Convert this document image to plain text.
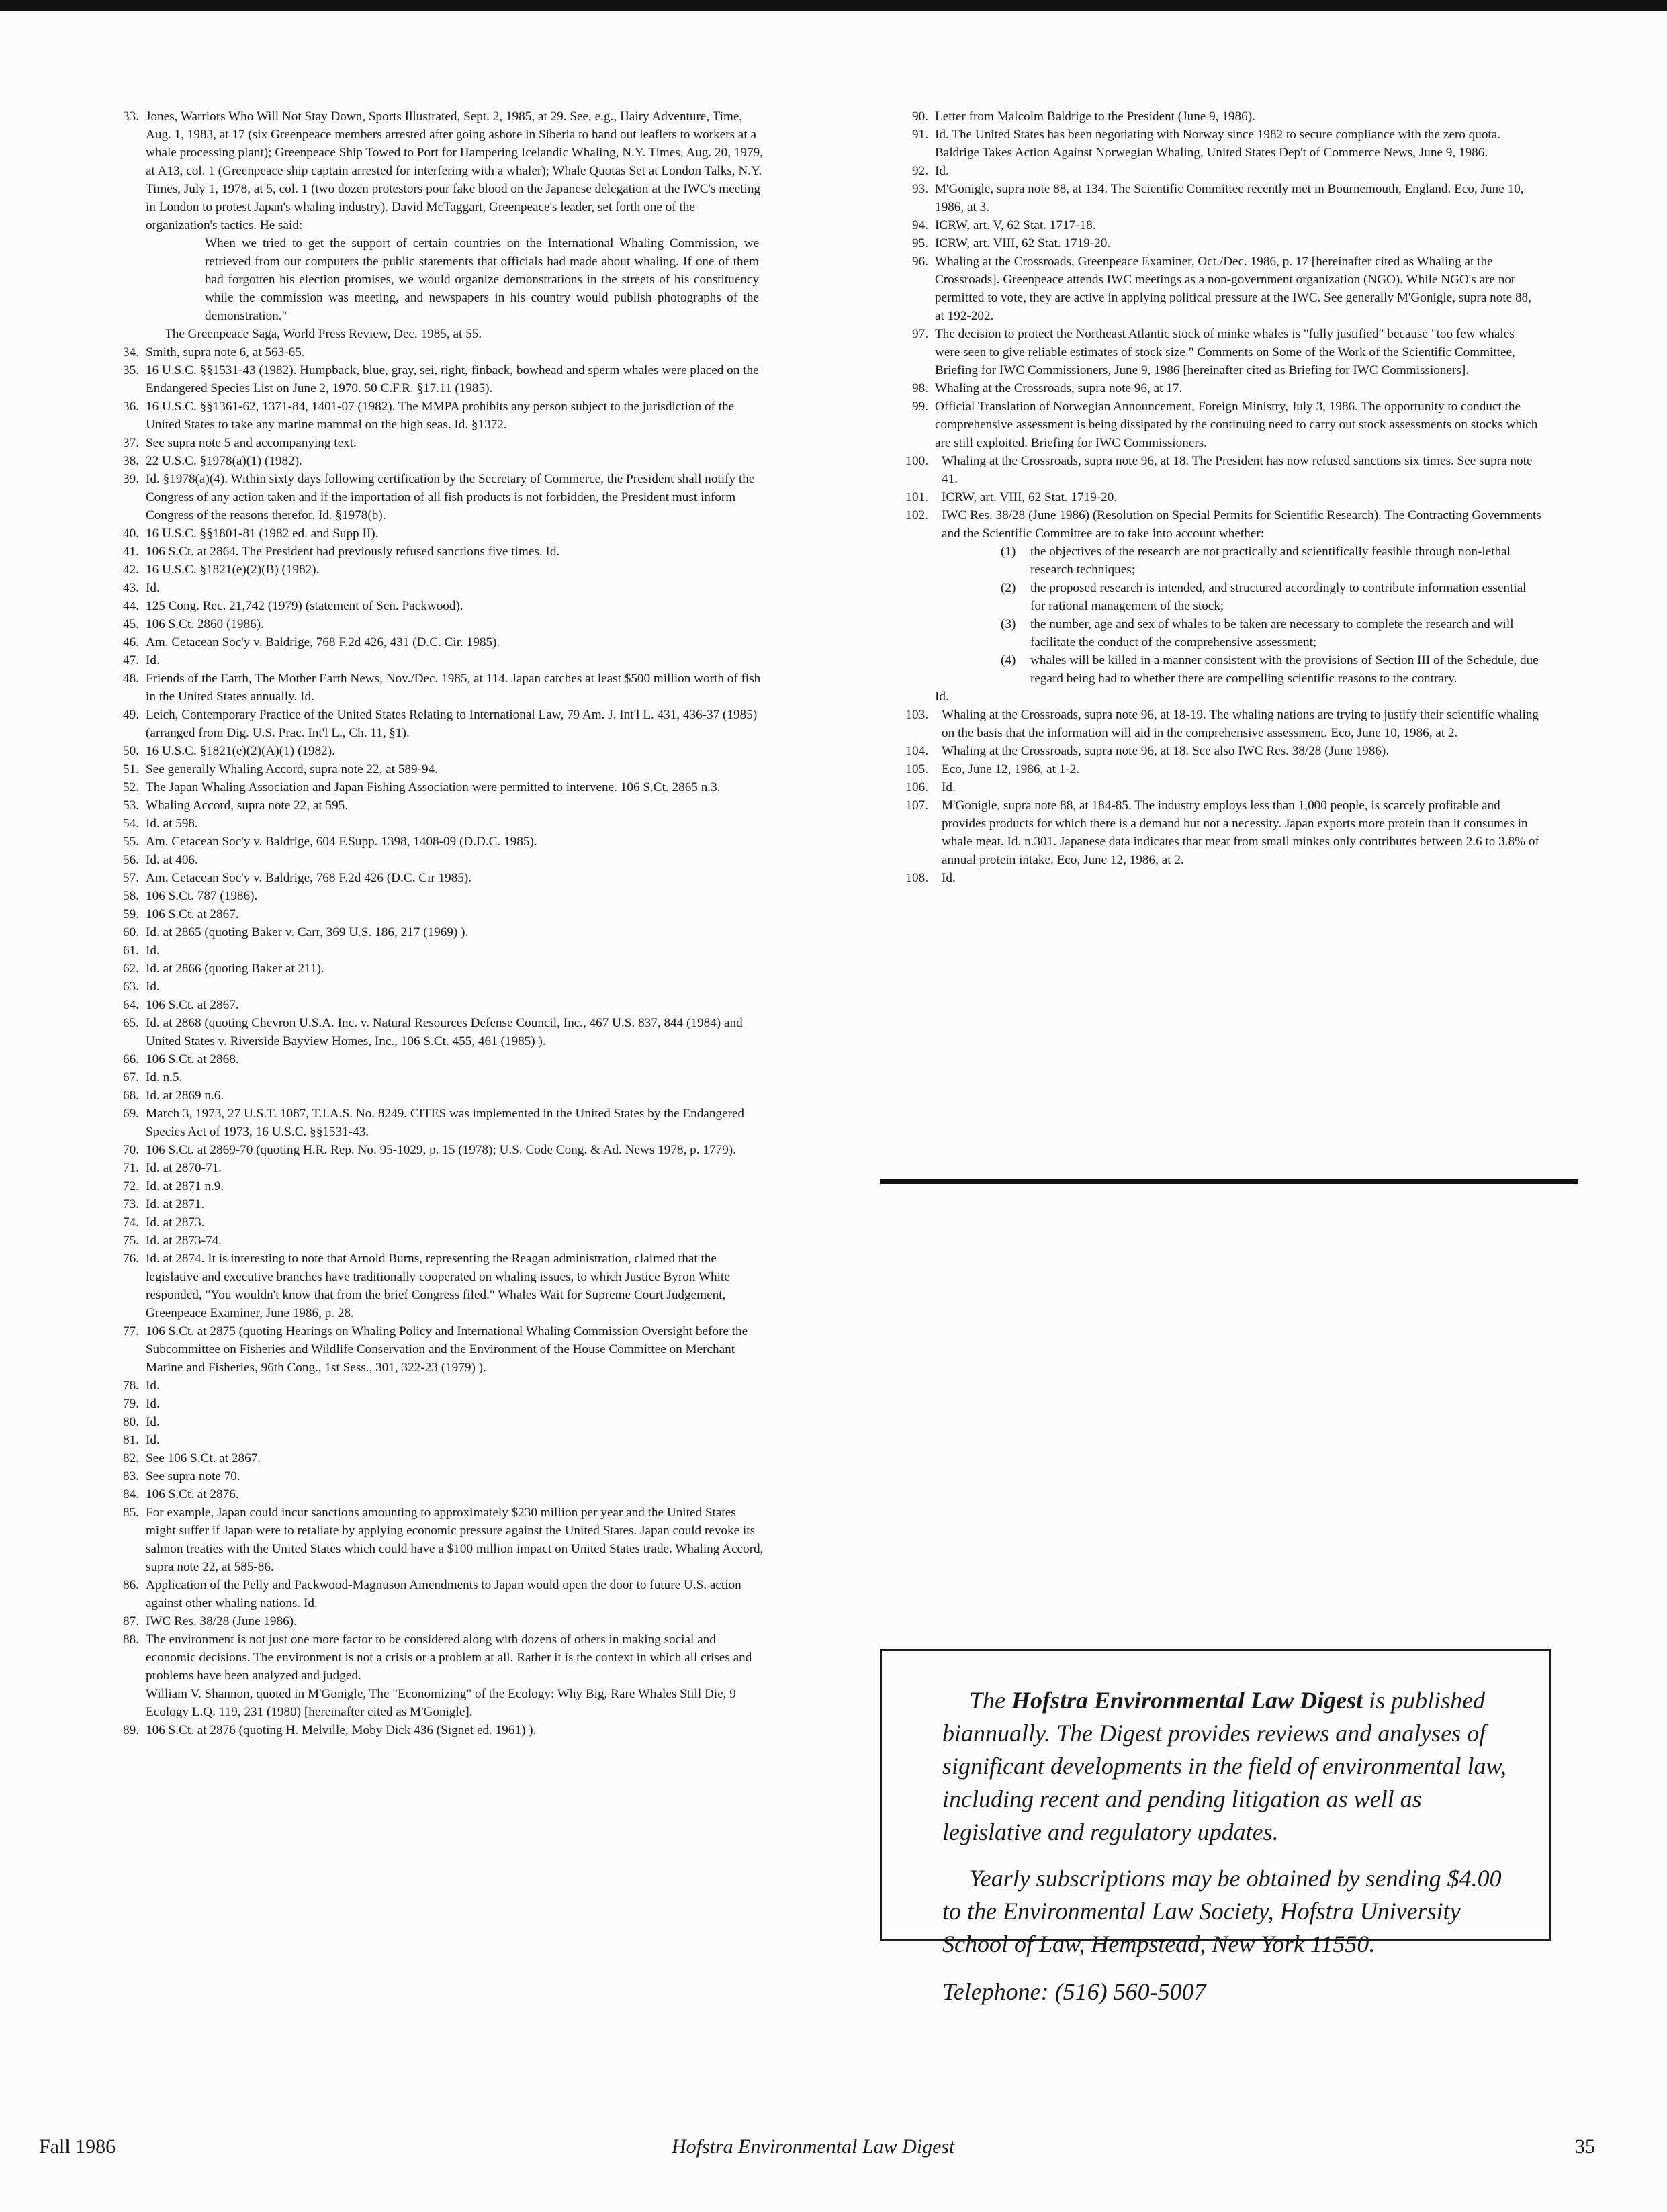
33. Jones, Warriors Who Will Not Stay Down, Sports Illustrated, Sept. 2, 1985, at 29. See, e.g., Hairy Adventure, Time, Aug. 1, 1983, at 17 (six Greenpeace members arrested after going ashore in Siberia to hand out leaflets to workers at a whale processing plant); Greenpeace Ship Towed to Port for Hampering Icelandic Whaling, N.Y. Times, Aug. 20, 1979, at A13, col. 1 (Greenpeace ship captain arrested for interfering with a whaler); Whale Quotas Set at London Talks, N.Y. Times, July 1, 1978, at 5, col. 1 (two dozen protestors pour fake blood on the Japanese delegation at the IWC's meeting in London to protest Japan's whaling industry). David McTaggart, Greenpeace's leader, set forth one of the organization's tactics. He said:

When we tried to get the support of certain countries on the International Whaling Commission, we retrieved from our computers the public statements that officials had made about whaling. If one of them had forgotten his election promises, we would organize demonstrations in the streets of his constituency while the commission was meeting, and newspapers in his country would publish photographs of the demonstration."

The Greenpeace Saga, World Press Review, Dec. 1985, at 55.

34. Smith, supra note 6, at 563-65.

35. 16 U.S.C. §§1531-43 (1982). Humpback, blue, gray, sei, right, finback, bowhead and sperm whales were placed on the Endangered Species List on June 2, 1970. 50 C.F.R. §17.11 (1985).

36. 16 U.S.C. §§1361-62, 1371-84, 1401-07 (1982). The MMPA prohibits any person subject to the jurisdiction of the United States to take any marine mammal on the high seas. Id. §1372.

37. See supra note 5 and accompanying text.

38. 22 U.S.C. §1978(a)(1) (1982).

39. Id. §1978(a)(4). Within sixty days following certification by the Secretary of Commerce, the President shall notify the Congress of any action taken and if the importation of all fish products is not forbidden, the President must inform Congress of the reasons therefor. Id. §1978(b).

40. 16 U.S.C. §§1801-81 (1982 ed. and Supp II).

41. 106 S.Ct. at 2864. The President had previously refused sanctions five times. Id.

42. 16 U.S.C. §1821(e)(2)(B) (1982).

43. Id.

44. 125 Cong. Rec. 21,742 (1979) (statement of Sen. Packwood).

45. 106 S.Ct. 2860 (1986).

46. Am. Cetacean Soc'y v. Baldrige, 768 F.2d 426, 431 (D.C. Cir. 1985).

47. Id.

48. Friends of the Earth, The Mother Earth News, Nov./Dec. 1985, at 114. Japan catches at least $500 million worth of fish in the United States annually. Id.

49. Leich, Contemporary Practice of the United States Relating to International Law, 79 Am. J. Int'l L. 431, 436-37 (1985) (arranged from Dig. U.S. Prac. Int'l L., Ch. 11, §1).

50. 16 U.S.C. §1821(e)(2)(A)(1) (1982).

51. See generally Whaling Accord, supra note 22, at 589-94.

52. The Japan Whaling Association and Japan Fishing Association were permitted to intervene. 106 S.Ct. 2865 n.3.

53. Whaling Accord, supra note 22, at 595.

54. Id. at 598.

55. Am. Cetacean Soc'y v. Baldrige, 604 F.Supp. 1398, 1408-09 (D.D.C. 1985).

56. Id. at 406.

57. Am. Cetacean Soc'y v. Baldrige, 768 F.2d 426 (D.C. Cir 1985).

58. 106 S.Ct. 787 (1986).

59. 106 S.Ct. at 2867.

60. Id. at 2865 (quoting Baker v. Carr, 369 U.S. 186, 217 (1969) ).

61. Id.

62. Id. at 2866 (quoting Baker at 211).

63. Id.

64. 106 S.Ct. at 2867.

65. Id. at 2868 (quoting Chevron U.S.A. Inc. v. Natural Resources Defense Council, Inc., 467 U.S. 837, 844 (1984) and United States v. Riverside Bayview Homes, Inc., 106 S.Ct. 455, 461 (1985) ).

66. 106 S.Ct. at 2868.

67. Id. n.5.

68. Id. at 2869 n.6.

69. March 3, 1973, 27 U.S.T. 1087, T.I.A.S. No. 8249. CITES was implemented in the United States by the Endangered Species Act of 1973, 16 U.S.C. §§1531-43.

70. 106 S.Ct. at 2869-70 (quoting H.R. Rep. No. 95-1029, p. 15 (1978); U.S. Code Cong. & Ad. News 1978, p. 1779).

71. Id. at 2870-71.

72. Id. at 2871 n.9.

73. Id. at 2871.

74. Id. at 2873.

75. Id. at 2873-74.

76. Id. at 2874. It is interesting to note that Arnold Burns, representing the Reagan administration, claimed that the legislative and executive branches have traditionally cooperated on whaling issues, to which Justice Byron White responded, "You wouldn't know that from the brief Congress filed." Whales Wait for Supreme Court Judgement, Greenpeace Examiner, June 1986, p. 28.

77. 106 S.Ct. at 2875 (quoting Hearings on Whaling Policy and International Whaling Commission Oversight before the Subcommittee on Fisheries and Wildlife Conservation and the Environment of the House Committee on Merchant Marine and Fisheries, 96th Cong., 1st Sess., 301, 322-23 (1979) ).

78. Id.

79. Id.

80. Id.

81. Id.

82. See 106 S.Ct. at 2867.

83. See supra note 70.

84. 106 S.Ct. at 2876.

85. For example, Japan could incur sanctions amounting to approximately $230 million per year and the United States might suffer if Japan were to retaliate by applying economic pressure against the United States. Japan could revoke its salmon treaties with the United States which could have a $100 million impact on United States trade. Whaling Accord, supra note 22, at 585-86.

86. Application of the Pelly and Packwood-Magnuson Amendments to Japan would open the door to future U.S. action against other whaling nations. Id.

87. IWC Res. 38/28 (June 1986).

88. The environment is not just one more factor to be considered along with dozens of others in making social and economic decisions. The environment is not a crisis or a problem at all. Rather it is the context in which all crises and problems have been analyzed and judged.

William V. Shannon, quoted in M'Gonigle, The "Economizing" of the Ecology: Why Big, Rare Whales Still Die, 9 Ecology L.Q. 119, 231 (1980) [hereinafter cited as M'Gonigle].

89. 106 S.Ct. at 2876 (quoting H. Melville, Moby Dick 436 (Signet ed. 1961) ).

90. Letter from Malcolm Baldrige to the President (June 9, 1986).

91. Id. The United States has been negotiating with Norway since 1982 to secure compliance with the zero quota. Baldrige Takes Action Against Norwegian Whaling, United States Dep't of Commerce News, June 9, 1986.

92. Id.

93. M'Gonigle, supra note 88, at 134. The Scientific Committee recently met in Bournemouth, England. Eco, June 10, 1986, at 3.

94. ICRW, art. V, 62 Stat. 1717-18.

95. ICRW, art. VIII, 62 Stat. 1719-20.

96. Whaling at the Crossroads, Greenpeace Examiner, Oct./Dec. 1986, p. 17 [hereinafter cited as Whaling at the Crossroads]. Greenpeace attends IWC meetings as a non-government organization (NGO). While NGO's are not permitted to vote, they are active in applying political pressure at the IWC. See generally M'Gonigle, supra note 88, at 192-202.

97. The decision to protect the Northeast Atlantic stock of minke whales is "fully justified" because "too few whales were seen to give reliable estimates of stock size." Comments on Some of the Work of the Scientific Committee, Briefing for IWC Commissioners, June 9, 1986 [hereinafter cited as Briefing for IWC Commissioners].

98. Whaling at the Crossroads, supra note 96, at 17.

99. Official Translation of Norwegian Announcement, Foreign Ministry, July 3, 1986. The opportunity to conduct the comprehensive assessment is being dissipated by the continuing need to carry out stock assessments on stocks which are still exploited. Briefing for IWC Commissioners.

100. Whaling at the Crossroads, supra note 96, at 18. The President has now refused sanctions six times. See supra note 41.

101. ICRW, art. VIII, 62 Stat. 1719-20.

102. IWC Res. 38/28 (June 1986) (Resolution on Special Permits for Scientific Research). The Contracting Governments and the Scientific Committee are to take into account whether:

(1) the objectives of the research are not practically and scientifically feasible through non-lethal research techniques;

(2) the proposed research is intended, and structured accordingly to contribute information essential for rational management of the stock;

(3) the number, age and sex of whales to be taken are necessary to complete the research and will facilitate the conduct of the comprehensive assessment;

(4) whales will be killed in a manner consistent with the provisions of Section III of the Schedule, due regard being had to whether there are compelling scientific reasons to the contrary.

Id.

103. Whaling at the Crossroads, supra note 96, at 18-19. The whaling nations are trying to justify their scientific whaling on the basis that the information will aid in the comprehensive assessment. Eco, June 10, 1986, at 2.

104. Whaling at the Crossroads, supra note 96, at 18. See also IWC Res. 38/28 (June 1986).

105. Eco, June 12, 1986, at 1-2.

106. Id.

107. M'Gonigle, supra note 88, at 184-85. The industry employs less than 1,000 people, is scarcely profitable and provides products for which there is a demand but not a necessity. Japan exports more protein than it consumes in whale meat. Id. n.301. Japanese data indicates that meat from small minkes only contributes between 2.6 to 3.8% of annual protein intake. Eco, June 12, 1986, at 2.

108. Id.

The Hofstra Environmental Law Digest is published biannually. The Digest provides reviews and analyses of significant developments in the field of environmental law, including recent and pending litigation as well as legislative and regulatory updates.

Yearly subscriptions may be obtained by sending $4.00 to the Environmental Law Society, Hofstra University School of Law, Hempstead, New York 11550.

Telephone: (516) 560-5007

Fall 1986	Hofstra Environmental Law Digest	35
